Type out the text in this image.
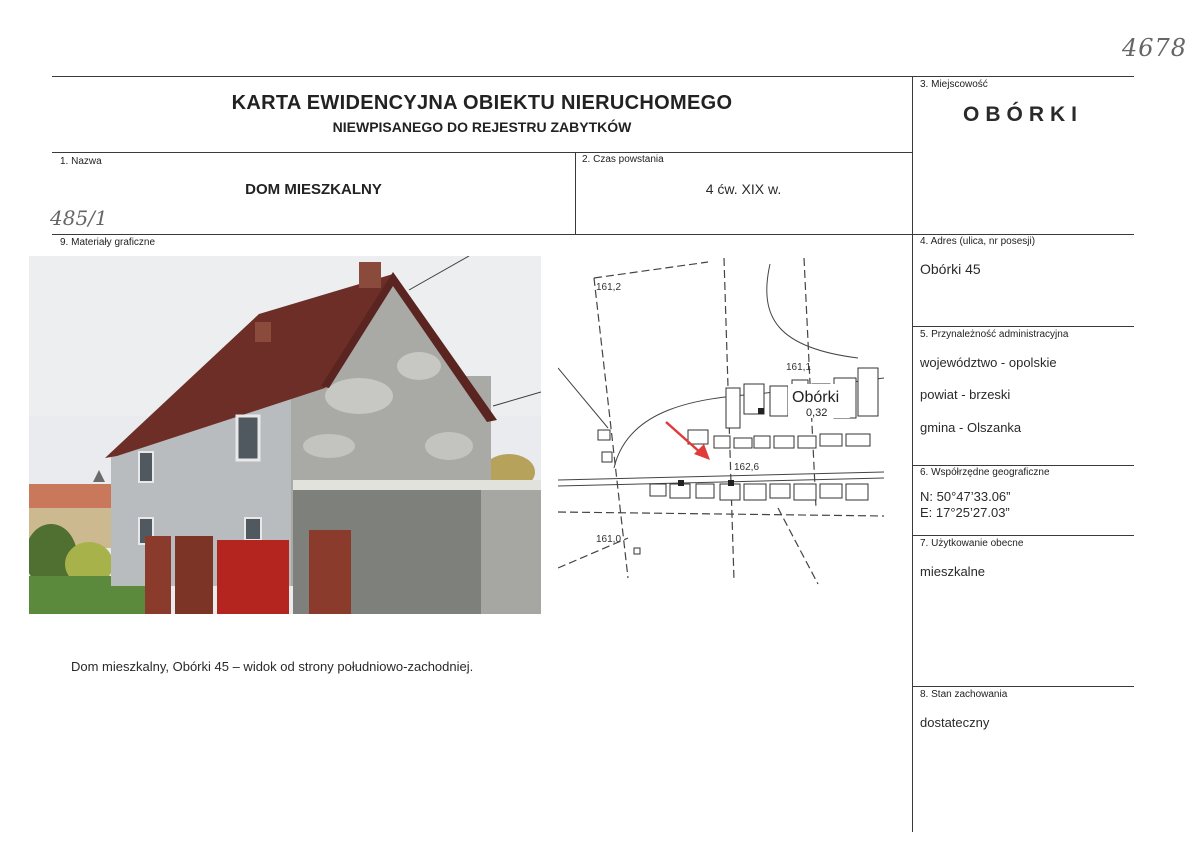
4678
485/1
KARTA EWIDENCYJNA OBIEKTU NIERUCHOMEGO
NIEWPISANEGO DO REJESTRU ZABYTKÓW
3. Miejscowość
OBÓRKI
1. Nazwa
DOM MIESZKALNY
2. Czas powstania
4 ćw. XIX w.
9. Materiały graficzne	4. Adres (ulica, nr posesji)
Obórki 45
5. Przynależność administracyjna
województwo - opolskie
powiat - brzeski
gmina - Olszanka
6. Współrzędne geograficzne
N: 50°47’33.06”
E: 17°25’27.03”
7. Użytkowanie obecne
mieszkalne
8. Stan zachowania
dostateczny
161,2
161,1
162,6
161,0
Obórki
0,32
Dom mieszkalny, Obórki 45 – widok od strony południowo-zachodniej.
